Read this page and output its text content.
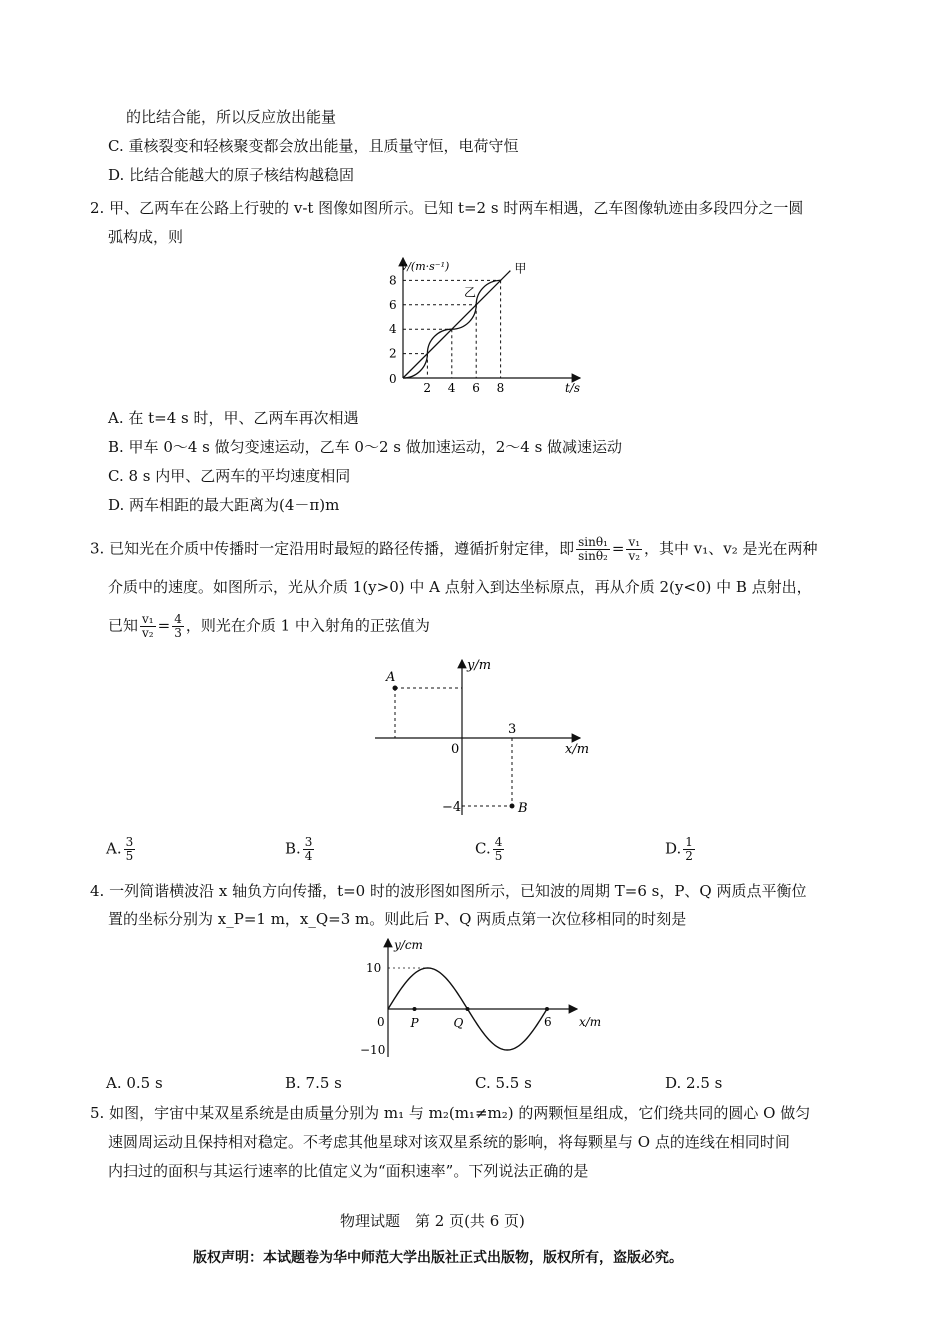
的比结合能，所以反应放出能量
C. 重核裂变和轻核聚变都会放出能量，且质量守恒，电荷守恒
D. 比结合能越大的原子核结构越稳固
2. 甲、乙两车在公路上行驶的 v-t 图像如图所示。已知 t=2 s 时两车相遇，乙车图像轨迹由多段四分之一圆
弧构成，则
2 4 6 8
2
4
6
8
0
v/(m·s⁻¹)
t/s
甲
乙
A. 在 t=4 s 时，甲、乙两车再次相遇
B. 甲车 0～4 s 做匀变速运动，乙车 0～2 s 做加速运动，2～4 s 做减速运动
C. 8 s 内甲、乙两车的平均速度相同
D. 两车相距的最大距离为(4－π)m
3. 已知光在介质中传播时一定沿用时最短的路径传播，遵循折射定律，即 $\frac{\text{sinθ₁}}{\text{sinθ₂}} = \frac{\text{v₁}}{\text{v₂}}$ ，其中 v₁、v₂ 是光在两种
介质中的速度。如图所示，光从介质 1(y>0) 中 A 点射入到达坐标原点，再从介质 2(y<0) 中 B 点射出，
已知 $\frac{\text{v₁}}{\text{v₂}} = \frac{4}{3}$ ，则光在介质 1 中入射角的正弦值为
A
B
y/m
x/m
0
3
−4
A. $\frac{3}{5}$	B. $\frac{3}{4}$	C. $\frac{4}{5}$	D. $\frac{1}{2}$
4. 一列简谐横波沿 x 轴负方向传播，t=0 时的波形图如图所示，已知波的周期 T=6 s，P、Q 两质点平衡位
置的坐标分别为 x_P=1 m，x_Q=3 m。则此后 P、Q 两质点第一次位移相同的时刻是
P	Q	6
0
10
−10
y/cm
x/m
A. 0.5 s	B. 7.5 s	C. 5.5 s	D. 2.5 s
5. 如图，宇宙中某双星系统是由质量分别为 m₁ 与 m₂(m₁≠m₂) 的两颗恒星组成，它们绕共同的圆心 O 做匀
速圆周运动且保持相对稳定。不考虑其他星球对该双星系统的影响，将每颗星与 O 点的连线在相同时间
内扫过的面积与其运行速率的比值定义为“面积速率”。下列说法正确的是
物理试题　第 2 页(共 6 页)
版权声明：本试题卷为华中师范大学出版社正式出版物，版权所有，盗版必究。
